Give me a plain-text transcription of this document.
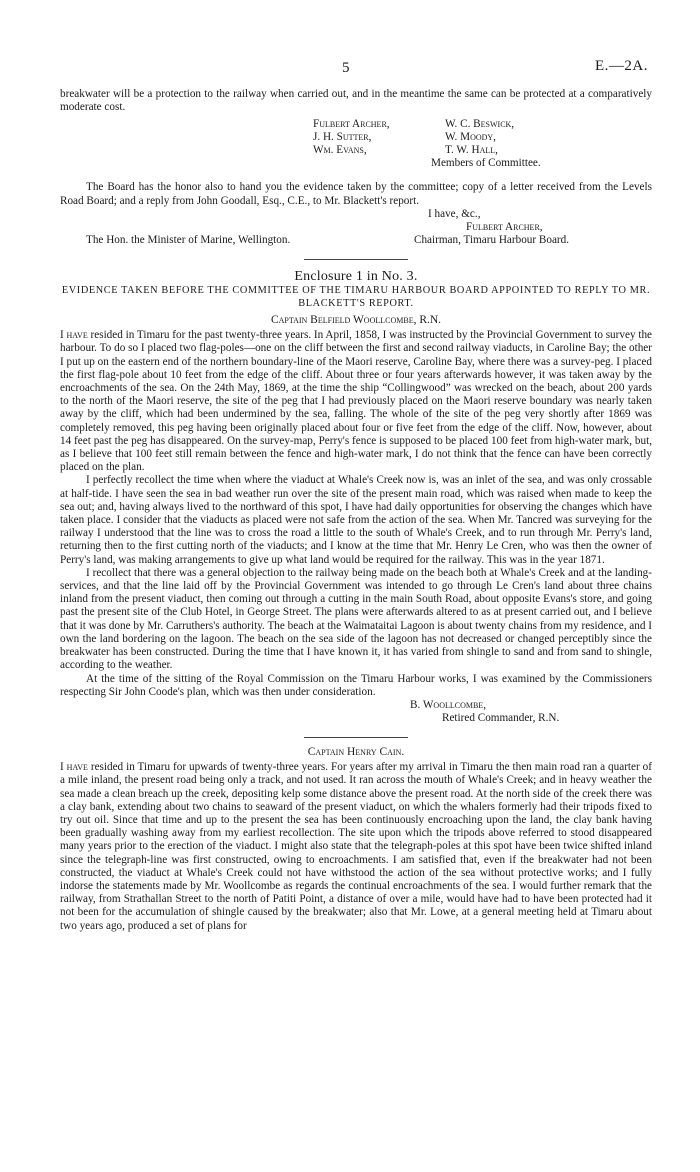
5	E.—2A.

breakwater will be a protection to the railway when carried out, and in the meantime the same can be protected at a comparatively moderate cost.

Fulbert Archer,
J. H. Sutter,
Wm. Evans,
W. C. Beswick,
W. Moody,
T. W. Hall,
Members of Committee.

The Board has the honor also to hand you the evidence taken by the committee; copy of a letter received from the Levels Road Board; and a reply from John Goodall, Esq., C.E., to Mr. Blackett's report.

I have, &c.,
Fulbert Archer,
The Hon. the Minister of Marine, Wellington.	Chairman, Timaru Harbour Board.
Enclosure 1 in No. 3.
EVIDENCE TAKEN BEFORE THE COMMITTEE OF THE TIMARU HARBOUR BOARD APPOINTED TO REPLY TO MR. BLACKETT'S REPORT.
Captain Belfield Woollcombe, R.N.

I have resided in Timaru for the past twenty-three years. In April, 1858, I was instructed by the Provincial Government to survey the harbour. To do so I placed two flag-poles—one on the cliff between the first and second railway viaducts, in Caroline Bay; the other I put up on the eastern end of the northern boundary-line of the Maori reserve, Caroline Bay, where there was a survey-peg. I placed the first flag-pole about 10 feet from the edge of the cliff. About three or four years afterwards however, it was taken away by the encroachments of the sea. On the 24th May, 1869, at the time the ship “Collingwood” was wrecked on the beach, about 200 yards to the north of the Maori reserve, the site of the peg that I had previously placed on the Maori reserve boundary was nearly taken away by the cliff, which had been undermined by the sea, falling. The whole of the site of the peg very shortly after 1869 was completely removed, this peg having been originally placed about four or five feet from the edge of the cliff. Now, however, about 14 feet past the peg has disappeared. On the survey-map, Perry's fence is supposed to be placed 100 feet from high-water mark, but, as I believe that 100 feet still remain between the fence and high-water mark, I do not think that the fence can have been correctly placed on the plan.

I perfectly recollect the time when where the viaduct at Whale's Creek now is, was an inlet of the sea, and was only crossable at half-tide. I have seen the sea in bad weather run over the site of the present main road, which was raised when made to keep the sea out; and, having always lived to the northward of this spot, I have had daily opportunities for observing the changes which have taken place. I consider that the viaducts as placed were not safe from the action of the sea. When Mr. Tancred was surveying for the railway I understood that the line was to cross the road a little to the south of Whale's Creek, and to run through Mr. Perry's land, returning then to the first cutting north of the viaducts; and I know at the time that Mr. Henry Le Cren, who was then the owner of Perry's land, was making arrangements to give up what land would be required for the railway. This was in the year 1871.

I recollect that there was a general objection to the railway being made on the beach both at Whale's Creek and at the landing-services, and that the line laid off by the Provincial Government was intended to go through Le Cren's land about three chains inland from the present viaduct, then coming out through a cutting in the main South Road, about opposite Evans's store, and going past the present site of the Club Hotel, in George Street. The plans were afterwards altered to as at present carried out, and I believe that it was done by Mr. Carruthers's authority. The beach at the Waimataitai Lagoon is about twenty chains from my residence, and I own the land bordering on the lagoon. The beach on the sea side of the lagoon has not decreased or changed perceptibly since the breakwater has been constructed. During the time that I have known it, it has varied from shingle to sand and from sand to shingle, according to the weather.

At the time of the sitting of the Royal Commission on the Timaru Harbour works, I was examined by the Commissioners respecting Sir John Coode's plan, which was then under consideration.

B. Woollcombe,
Retired Commander, R.N.
Captain Henry Cain.

I have resided in Timaru for upwards of twenty-three years. For years after my arrival in Timaru the then main road ran a quarter of a mile inland, the present road being only a track, and not used. It ran across the mouth of Whale's Creek; and in heavy weather the sea made a clean breach up the creek, depositing kelp some distance above the present road. At the north side of the creek there was a clay bank, extending about two chains to seaward of the present viaduct, on which the whalers formerly had their tripods fixed to try out oil. Since that time and up to the present the sea has been continuously encroaching upon the land, the clay bank having been gradually washing away from my earliest recollection. The site upon which the tripods above referred to stood disappeared many years prior to the erection of the viaduct. I might also state that the telegraph-poles at this spot have been twice shifted inland since the telegraph-line was first constructed, owing to encroachments. I am satisfied that, even if the breakwater had not been constructed, the viaduct at Whale's Creek could not have withstood the action of the sea without protective works; and I fully indorse the statements made by Mr. Woollcombe as regards the continual encroachments of the sea. I would further remark that the railway, from Strathallan Street to the north of Patiti Point, a distance of over a mile, would have had to have been protected had it not been for the accumulation of shingle caused by the breakwater; also that Mr. Lowe, at a general meeting held at Timaru about two years ago, produced a set of plans for
